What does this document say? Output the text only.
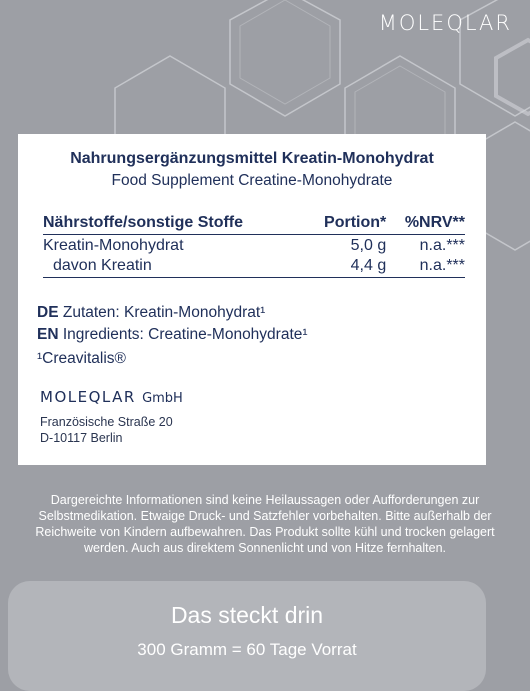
MOLEQLAR
Nahrungsergänzungsmittel Kreatin-Monohydrat
Food Supplement Creatine-Monohydrate
Nährstoffe/sonstige Stoffe	Portion*	%NRV**
Kreatin-Monohydrat	5,0 g	n.a.***
davon Kreatin	4,4 g	n.a.***
DE Zutaten: Kreatin-Monohydrat¹
EN Ingredients: Creatine-Monohydrate¹
¹Creavitalis®
MOLEQLAR GmbH
Französische Straße 20
D-10117 Berlin
Dargereichte Informationen sind keine Heilaussagen oder Aufforderungen zur
Selbstmedikation. Etwaige Druck- und Satzfehler vorbehalten. Bitte außerhalb der
Reichweite von Kindern aufbewahren. Das Produkt sollte kühl und trocken gelagert
werden. Auch aus direktem Sonnenlicht und von Hitze fernhalten.
Das steckt drin
300 Gramm = 60 Tage Vorrat
